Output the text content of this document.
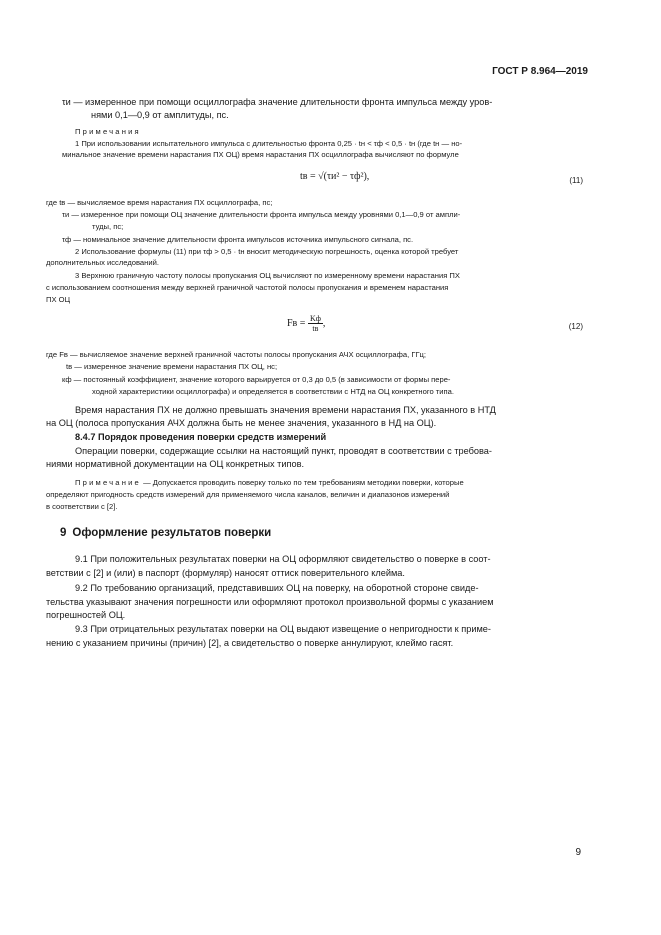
ГОСТ Р 8.964—2019
τи — измеренное при помощи осциллографа значение длительности фронта импульса между уров-
нями 0,1—0,9 от амплитуды, пс.
Примечания
1 При использовании испытательного импульса с длительностью фронта 0,25 · tн < τф < 0,5 · tн (где tн — но-
минальное значение времени нарастания ПХ ОЦ) время нарастания ПХ осциллографа вычисляют по формуле
tв = √(τи² − τф²),	(11)
где tв — вычисляемое время нарастания ПХ осциллографа, пс;
τи — измеренное при помощи ОЦ значение длительности фронта импульса между уровнями 0,1—0,9 от ампли-
туды, пс;
τф — номинальное значение длительности фронта импульсов источника импульсного сигнала, пс.
2 Использование формулы (11) при τф > 0,5 · tн вносит методическую погрешность, оценка которой требует
дополнительных исследований.
3 Верхнюю граничную частоту полосы пропускания ОЦ вычисляют по измеренному времени нарастания ПХ
с использованием соотношения между верхней граничной частотой полосы пропускания и временем нарастания
ПХ ОЦ
Fв = $\frac{Kф}{tв}$ ,	(12)
где Fв — вычисляемое значение верхней граничной частоты полосы пропускания АЧХ осциллографа, ГГц;
tв — измеренное значение времени нарастания ПХ ОЦ, нс;
кф — постоянный коэффициент, значение которого варьируется от 0,3 до 0,5 (в зависимости от формы пере-
ходной характеристики осциллографа) и определяется в соответствии с НТД на ОЦ конкретного типа.
Время нарастания ПХ не должно превышать значения времени нарастания ПХ, указанного в НТД
на ОЦ (полоса пропускания АЧХ должна быть не менее значения, указанного в НД на ОЦ).
8.4.7 Порядок проведения поверки средств измерений
Операции поверки, содержащие ссылки на настоящий пункт, проводят в соответствии с требова-
ниями нормативной документации на ОЦ конкретных типов.
Примечание — Допускается проводить поверку только по тем требованиям методики поверки, которые
определяют пригодность средств измерений для применяемого числа каналов, величин и диапазонов измерений
в соответствии с [2].
9 Оформление результатов поверки
9.1 При положительных результатах поверки на ОЦ оформляют свидетельство о поверке в соот-
ветствии с [2] и (или) в паспорт (формуляр) наносят оттиск поверительного клейма.
9.2 По требованию организаций, представивших ОЦ на поверку, на оборотной стороне свиде-
тельства указывают значения погрешности или оформляют протокол произвольной формы с указанием
погрешностей ОЦ.
9.3 При отрицательных результатах поверки на ОЦ выдают извещение о непригодности к приме-
нению с указанием причины (причин) [2], а свидетельство о поверке аннулируют, клеймо гасят.
9
